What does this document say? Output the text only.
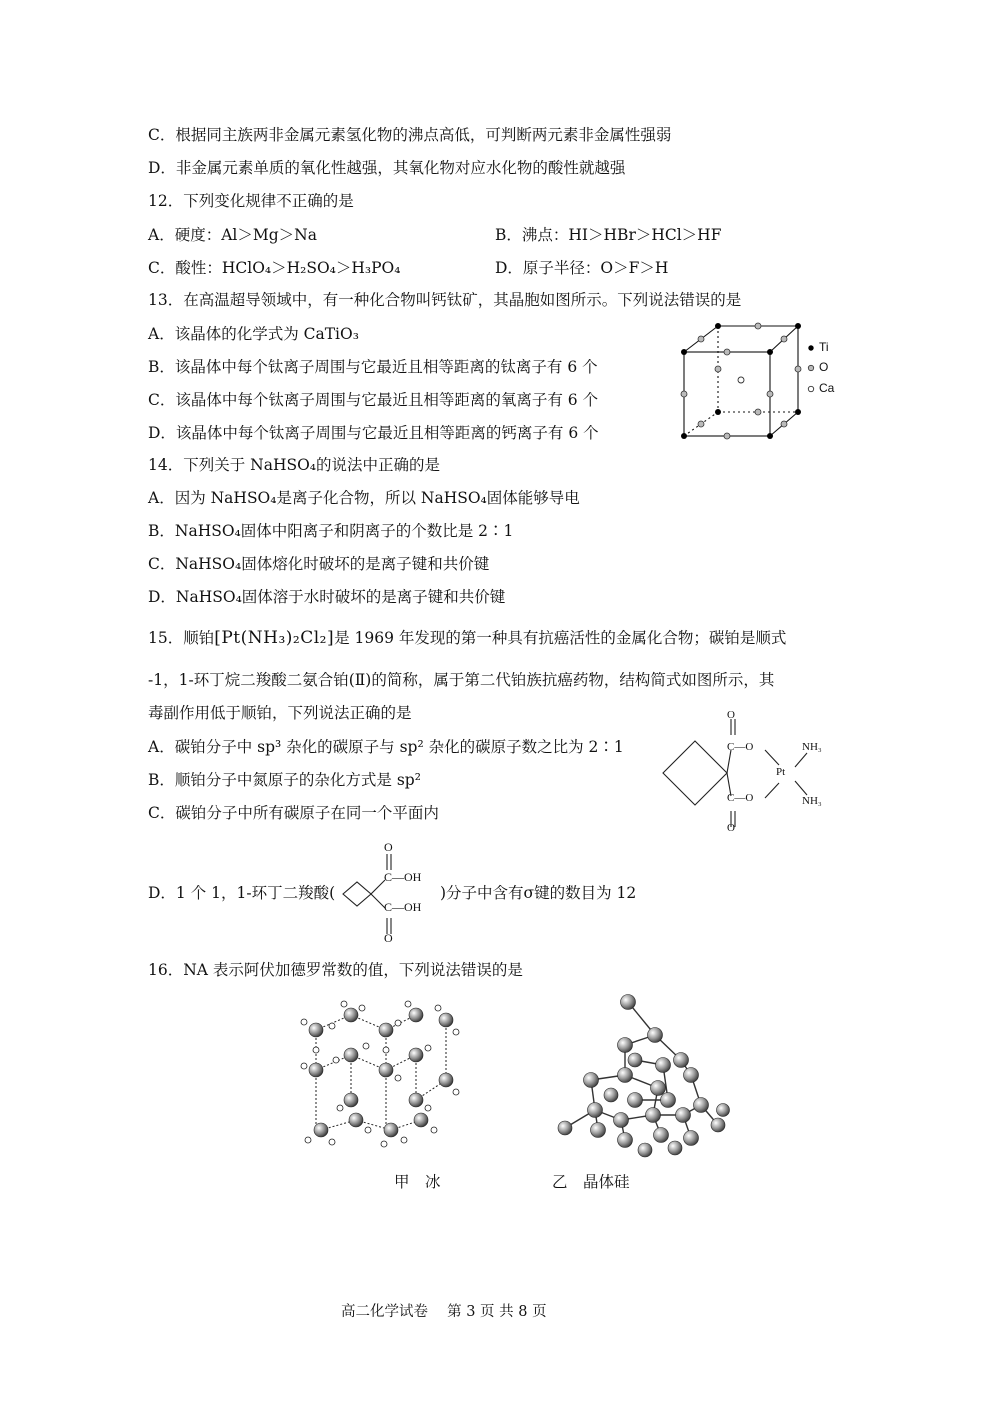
C．根据同主族两非金属元素氢化物的沸点高低，可判断两元素非金属性强弱
D．非金属元素单质的氧化性越强，其氧化物对应水化物的酸性就越强
12．下列变化规律不正确的是
A．硬度：Al＞Mg＞Na	B．沸点：HI＞HBr＞HCl＞HF
C．酸性：HClO₄＞H₂SO₄＞H₃PO₄	D．原子半径：O＞F＞H
13．在高温超导领域中，有一种化合物叫钙钛矿，其晶胞如图所示。下列说法错误的是
A．该晶体的化学式为 CaTiO₃
B．该晶体中每个钛离子周围与它最近且相等距离的钛离子有 6 个
C．该晶体中每个钛离子周围与它最近且相等距离的氧离子有 6 个
D．该晶体中每个钛离子周围与它最近且相等距离的钙离子有 6 个
Ti
O
Ca
14．下列关于 NaHSO₄的说法中正确的是
A．因为 NaHSO₄是离子化合物，所以 NaHSO₄固体能够导电
B．NaHSO₄固体中阳离子和阴离子的个数比是 2∶1
C．NaHSO₄固体熔化时破坏的是离子键和共价键
D．NaHSO₄固体溶于水时破坏的是离子键和共价键
15．顺铂[Pt(NH₃)₂Cl₂]是 1969 年发现的第一种具有抗癌活性的金属化合物；碳铂是顺式
-1，1-环丁烷二羧酸二氨合铂(Ⅱ)的简称，属于第二代铂族抗癌药物，结构简式如图所示，其
毒副作用低于顺铂，下列说法正确的是
A．碳铂分子中 sp³ 杂化的碳原子与 sp² 杂化的碳原子数之比为 2∶1
B．顺铂分子中氮原子的杂化方式是 sp²
C．碳铂分子中所有碳原子在同一个平面内
O
C—O
Pt
NH₃
C—O	NH₃
O
D．1 个 1，1-环丁二羧酸(
O
C—OH
C—OH
O
)分子中含有σ键的数目为 12
16．NA 表示阿伏加德罗常数的值，下列说法错误的是
甲　冰	乙　晶体硅
高二化学试卷　 第 3 页 共 8 页
